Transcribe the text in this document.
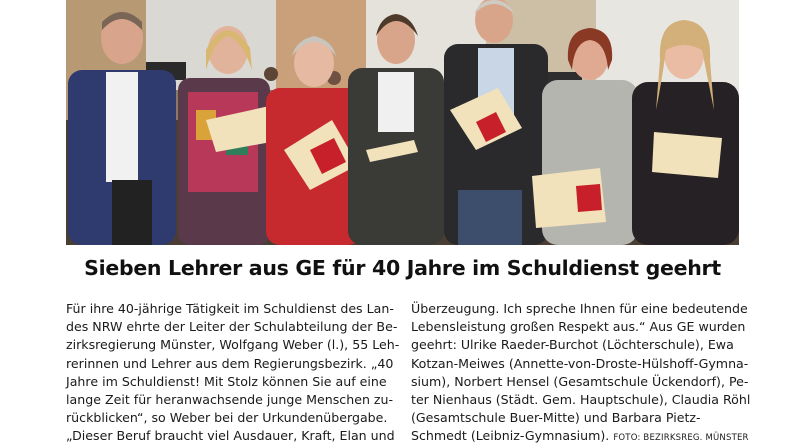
Sieben Lehrer aus GE für 40 Jahre im Schuldienst geehrt
Für ihre 40-jährige Tätigkeit im Schuldienst des Lan-
des NRW ehrte der Leiter der Schulabteilung der Be-
zirksregierung Münster, Wolfgang Weber (l.), 55 Leh-
rerinnen und Lehrer aus dem Regierungsbezirk. „40
Jahre im Schuldienst! Mit Stolz können Sie auf eine
lange Zeit für heranwachsende junge Menschen zu-
rückblicken“, so Weber bei der Urkundenübergabe.
„Dieser Beruf braucht viel Ausdauer, Kraft, Elan und
Überzeugung. Ich spreche Ihnen für eine bedeutende
Lebensleistung großen Respekt aus.“ Aus GE wurden
geehrt: Ulrike Raeder-Burchot (Löchterschule), Ewa
Kotzan-Meiwes (Annette-von-Droste-Hülshoff-Gymna-
sium), Norbert Hensel (Gesamtschule Ückendorf), Pe-
ter Nienhaus (Städt. Gem. Hauptschule), Claudia Röhl
(Gesamtschule Buer-Mitte) und Barbara Pietz-
Schmedt (Leibniz-Gymnasium). FOTO: BEZIRKSREG. MÜNSTER
